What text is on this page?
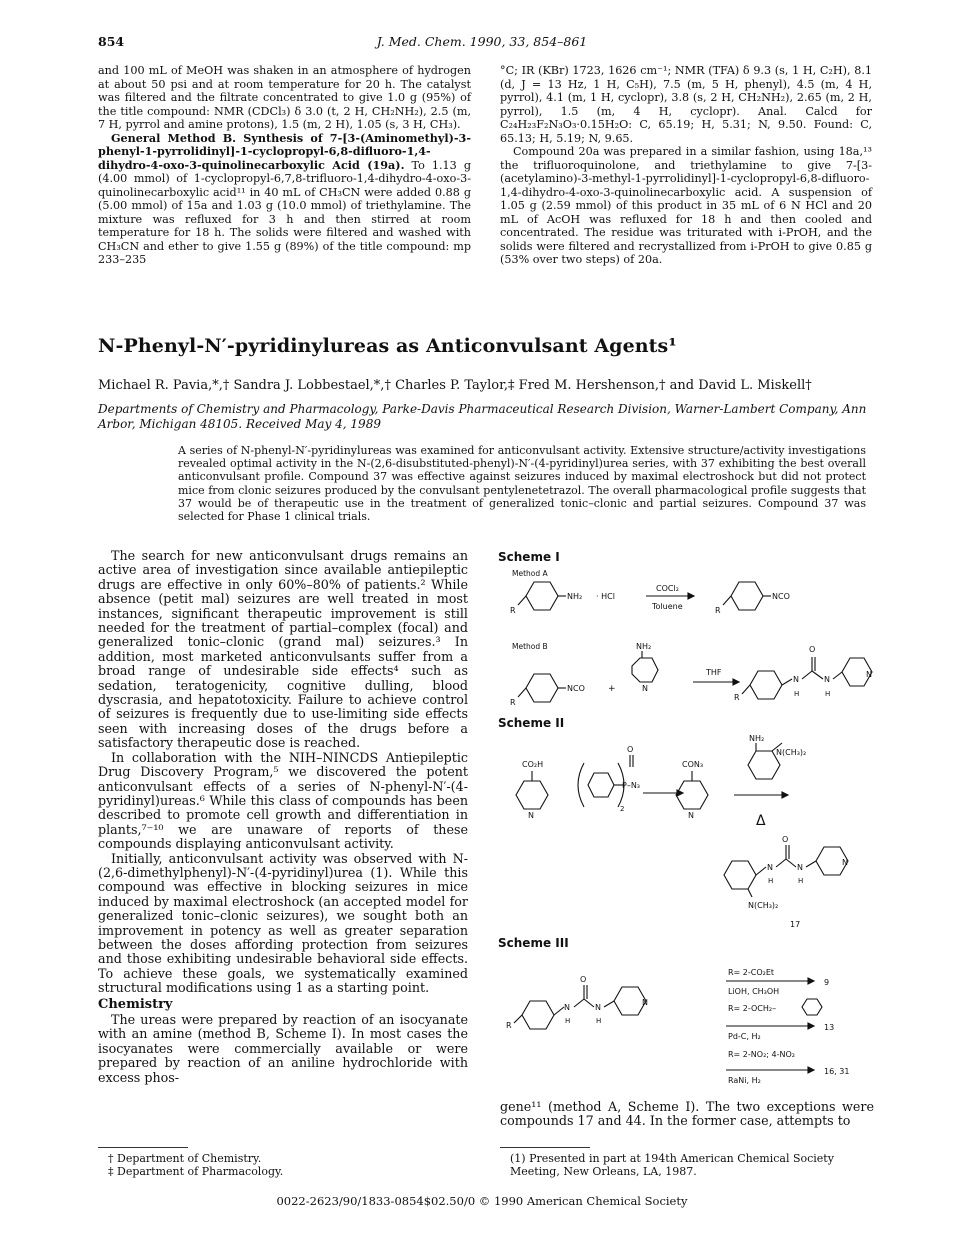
854	J. Med. Chem. 1990, 33, 854–861

and 100 mL of MeOH was shaken in an atmosphere of hydrogen at about 50 psi and at room temperature for 20 h. The catalyst was filtered and the filtrate concentrated to give 1.0 g (95%) of the title compound: NMR (CDCl₃) δ 3.0 (t, 2 H, CH₂NH₂), 2.5 (m, 7 H, pyrrol and amine protons), 1.5 (m, 2 H), 1.05 (s, 3 H, CH₃).

General Method B. Synthesis of 7-[3-(Aminomethyl)-3-phenyl-1-pyrrolidinyl]-1-cyclopropyl-6,8-difluoro-1,4-dihydro-4-oxo-3-quinolinecarboxylic Acid (19a). To 1.13 g (4.00 mmol) of 1-cyclopropyl-6,7,8-trifluoro-1,4-dihydro-4-oxo-3-quinolinecarboxylic acid¹¹ in 40 mL of CH₃CN were added 0.88 g (5.00 mmol) of 15a and 1.03 g (10.0 mmol) of triethylamine. The mixture was refluxed for 3 h and then stirred at room temperature for 18 h. The solids were filtered and washed with CH₃CN and ether to give 1.55 g (89%) of the title compound: mp 233–235

°C; IR (KBr) 1723, 1626 cm⁻¹; NMR (TFA) δ 9.3 (s, 1 H, C₂H), 8.1 (d, J = 13 Hz, 1 H, C₅H), 7.5 (m, 5 H, phenyl), 4.5 (m, 4 H, pyrrol), 4.1 (m, 1 H, cyclopr), 3.8 (s, 2 H, CH₂NH₂), 2.65 (m, 2 H, pyrrol), 1.5 (m, 4 H, cyclopr). Anal. Calcd for C₂₄H₂₃F₂N₃O₃·0.15H₂O: C, 65.19; H, 5.31; N, 9.50. Found: C, 65.13; H, 5.19; N, 9.65.

Compound 20a was prepared in a similar fashion, using 18a,¹³ the trifluoroquinolone, and triethylamine to give 7-[3-(acetylamino)-3-methyl-1-pyrrolidinyl]-1-cyclopropyl-6,8-difluoro-1,4-dihydro-4-oxo-3-quinolinecarboxylic acid. A suspension of 1.05 g (2.59 mmol) of this product in 35 mL of 6 N HCl and 20 mL of AcOH was refluxed for 18 h and then cooled and concentrated. The residue was triturated with i-PrOH, and the solids were filtered and recrystallized from i-PrOH to give 0.85 g (53% over two steps) of 20a.

N-Phenyl-N′-pyridinylureas as Anticonvulsant Agents¹
Michael R. Pavia,*,† Sandra J. Lobbestael,*,† Charles P. Taylor,‡ Fred M. Hershenson,† and David L. Miskell†
Departments of Chemistry and Pharmacology, Parke-Davis Pharmaceutical Research Division, Warner-Lambert Company, Ann Arbor, Michigan 48105. Received May 4, 1989

A series of N-phenyl-N′-pyridinylureas was examined for anticonvulsant activity. Extensive structure/activity investigations revealed optimal activity in the N-(2,6-disubstituted-phenyl)-N′-(4-pyridinyl)urea series, with 37 exhibiting the best overall anticonvulsant profile. Compound 37 was effective against seizures induced by maximal electroshock but did not protect mice from clonic seizures produced by the convulsant pentylenetetrazol. The overall pharmacological profile suggests that 37 would be of therapeutic use in the treatment of generalized tonic–clonic and partial seizures. Compound 37 was selected for Phase 1 clinical trials.

The search for new anticonvulsant drugs remains an active area of investigation since available antiepileptic drugs are effective in only 60%–80% of patients.² While absence (petit mal) seizures are well treated in most instances, significant therapeutic improvement is still needed for the treatment of partial–complex (focal) and generalized tonic–clonic (grand mal) seizures.³ In addition, most marketed anticonvulsants suffer from a broad range of undesirable side effects⁴ such as sedation, teratogenicity, cognitive dulling, blood dyscrasia, and hepatotoxicity. Failure to achieve control of seizures is frequently due to use-limiting side effects seen with increasing doses of the drugs before a satisfactory therapeutic dose is reached.

In collaboration with the NIH–NINCDS Antiepileptic Drug Discovery Program,⁵ we discovered the potent anticonvulsant effects of a series of N-phenyl-N′-(4-pyridinyl)ureas.⁶ While this class of compounds has been described to promote cell growth and differentiation in plants,⁷⁻¹⁰ we are unaware of reports of these compounds displaying anticonvulsant activity.

Initially, anticonvulsant activity was observed with N-(2,6-dimethylphenyl)-N′-(4-pyridinyl)urea (1). While this compound was effective in blocking seizures in mice induced by maximal electroshock (an accepted model for generalized tonic–clonic seizures), we sought both an improvement in potency as well as greater separation between the doses affording protection from seizures and those exhibiting undesirable behavioral side effects. To achieve these goals, we systematically examined structural modifications using 1 as a starting point.

Chemistry

The ureas were prepared by reaction of an isocyanate with an amine (method B, Scheme I). In most cases the isocyanates were commercially available or were prepared by reaction of an aniline hydrochloride with excess phos-

Scheme I
Method A
R
NH₂ · HCl
COCl₂
Toluene
NCO
R
Method B
R
NCO	+
NH₂
N
THF
O
N	N
H	H
N
R
Scheme II
CO₂H
N
O
P–N₃
2
CON₃
N
NH₂
N(CH₃)₂
Δ
O
N	N
H	H
N
N(CH₃)₂
17
Scheme III
O
N	N
H	H
N
R
R= 2-CO₂Et
LiOH, CH₃OH
9
R= 2-OCH₂–
Pd-C, H₂
13
R= 2-NO₂; 4-NO₂
RaNi, H₂
16, 31

gene¹¹ (method A, Scheme I). The two exceptions were compounds 17 and 44. In the former case, attempts to

† Department of Chemistry.
‡ Department of Pharmacology.
(1) Presented in part at 194th American Chemical Society Meeting, New Orleans, LA, 1987.
0022-2623/90/1833-0854$02.50/0 © 1990 American Chemical Society
